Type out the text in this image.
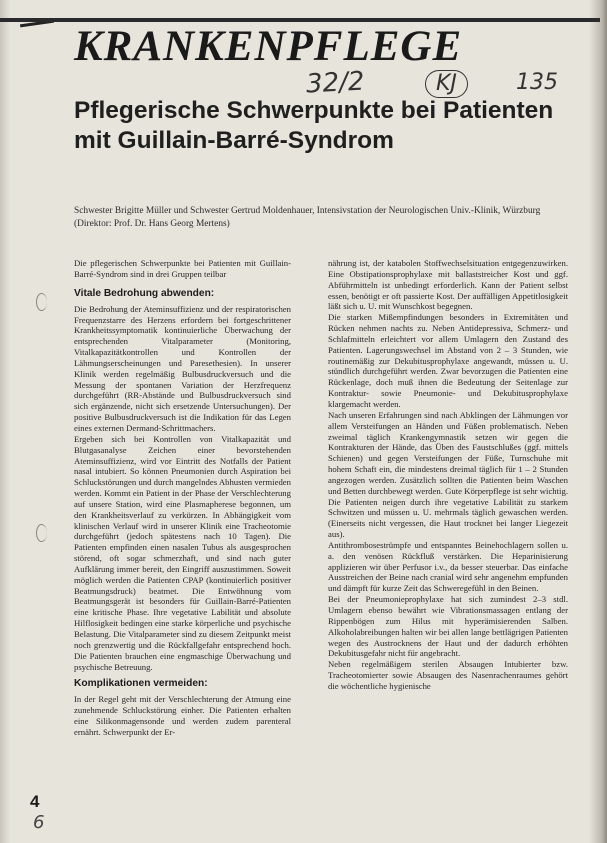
KRANKENPFLEGE
32/2	KJ	135
Pflegerische Schwerpunkte bei Patienten mit Guillain-Barré-Syndrom
Schwester Brigitte Müller und Schwester Gertrud Moldenhauer, Intensivstation der Neurologischen Univ.-Klinik, Würzburg (Direktor: Prof. Dr. Hans Georg Mertens)

Die pflegerischen Schwerpunkte bei Patienten mit Guillain-Barré-Syndrom sind in drei Gruppen teilbar

Vitale Bedrohung abwenden:

Die Bedrohung der Ateminsuffizienz und der respiratorischen Frequenzstarre des Herzens erfordern bei fortgeschrittener Krankheitssymptomatik kontinuierliche Überwachung der entsprechenden Vitalparameter (Monitoring, Vitalkapazitätkontrollen und Kontrollen der Lähmungserscheinungen und Paresethesien). In unserer Klinik werden regelmäßig Bulbusdruckversuch und die Messung der spontanen Variation der Herzfrequenz durchgeführt (RR-Abstände und Bulbusdruckversuch sind sich ergänzende, nicht sich ersetzende Untersuchungen). Der positive Bulbusdruckversuch ist die Indikation für das Legen eines externen Dermand-Schrittmachers.

Ergeben sich bei Kontrollen von Vitalkapazität und Blutgasanalyse Zeichen einer bevorstehenden Ateminsuffizienz, wird vor Eintritt des Notfalls der Patient nasal intubiert. So können Pneumonien durch Aspiration bei Schluckstörungen und durch mangelndes Abhusten vermieden werden. Kommt ein Patient in der Phase der Verschlechterung auf unsere Station, wird eine Plasmapherese begonnen, um den Krankheitsverlauf zu verkürzen. In Abhängigkeit vom klinischen Verlauf wird in unserer Klinik eine Tracheotomie durchgeführt (jedoch spätestens nach 10 Tagen). Die Patienten empfinden einen nasalen Tubus als ausgesprochen störend, oft sogar schmerzhaft, und sind nach guter Aufklärung immer bereit, den Eingriff auszustimmen. Soweit möglich werden die Patienten CPAP (kontinuierlich positiver Beatmungsdruck) beatmet. Die Entwöhnung vom Beatmungsgerät ist besonders für Guillain-Barré-Patienten eine kritische Phase. Ihre vegetative Labilität und absolute Hilflosigkeit bedingen eine starke körperliche und psychische Belastung. Die Vitalparameter sind zu diesem Zeitpunkt meist noch grenzwertig und die Rückfallgefahr entsprechend hoch. Die Patienten brauchen eine engmaschige Überwachung und psychische Betreuung.

Komplikationen vermeiden:

In der Regel geht mit der Verschlechterung der Atmung eine zunehmende Schluckstörung einher. Die Patienten erhalten eine Silikonmagensonde und werden zudem parenteral ernährt. Schwerpunkt der Er-

nährung ist, der katabolen Stoffwechselsituation entgegenzuwirken. Eine Obstipationsprophylaxe mit ballaststreicher Kost und ggf. Abführmitteln ist unbedingt erforderlich. Kann der Patient selbst essen, benötigt er oft passierte Kost. Der auffälligen Appetitlosigkeit läßt sich u. U. mit Wunschkost begegnen.

Die starken Mißempfindungen besonders in Extremitäten und Rücken nehmen nachts zu. Neben Antidepressiva, Schmerz- und Schlafmitteln erleichtert vor allem Umlagern den Zustand des Patienten. Lagerungswechsel im Abstand von 2 – 3 Stunden, wie routinemäßig zur Dekubitusprophylaxe angewandt, müssen u. U. stündlich durchgeführt werden. Zwar bevorzugen die Patienten eine Rückenlage, doch muß ihnen die Bedeutung der Seitenlage zur Kontraktur- sowie Pneumonie- und Dekubitusprophylaxe klargemacht werden.

Nach unseren Erfahrungen sind nach Abklingen der Lähmungen vor allem Versteifungen an Händen und Füßen problematisch. Neben zweimal täglich Krankengymnastik setzen wir gegen die Kontrakturen der Hände, das Üben des Faustschlußes (ggf. mittels Schienen) und gegen Versteifungen der Füße, Turnschuhe mit hohem Schaft ein, die mindestens dreimal täglich für 1 – 2 Stunden angezogen werden. Zusätzlich sollten die Patienten beim Waschen und Betten durchbewegt werden. Gute Körperpflege ist sehr wichtig. Die Patienten neigen durch ihre vegetative Labilität zu starkem Schwitzen und müssen u. U. mehrmals täglich gewaschen werden. (Einerseits nicht vergessen, die Haut trocknet bei langer Liegezeit aus).

Antithrombosestrümpfe und entspanntes Beinehochlagern sollen u. a. den venösen Rückfluß verstärken. Die Heparinisierung applizieren wir über Perfusor i.v., da besser steuerbar. Das einfache Ausstreichen der Beine nach cranial wird sehr angenehm empfunden und dämpft für kurze Zeit das Schweregefühl in den Beinen.

Bei der Pneumonieprophylaxe hat sich zumindest 2–3 stdl. Umlagern ebenso bewährt wie Vibrationsmassagen entlang der Rippenbögen zum Hilus mit hyperämisierenden Salben. Alkoholabreibungen halten wir bei allen lange bettlägrigen Patienten wegen des Austrocknens der Haut und der dadurch erhöhten Dekubitusgefahr nicht für angebracht.

Neben regelmäßigem sterilen Absaugen Intubierter bzw. Tracheotomierter sowie Absaugen des Nasenrachenraumes gehört die wöchentliche hygienische

4
6
